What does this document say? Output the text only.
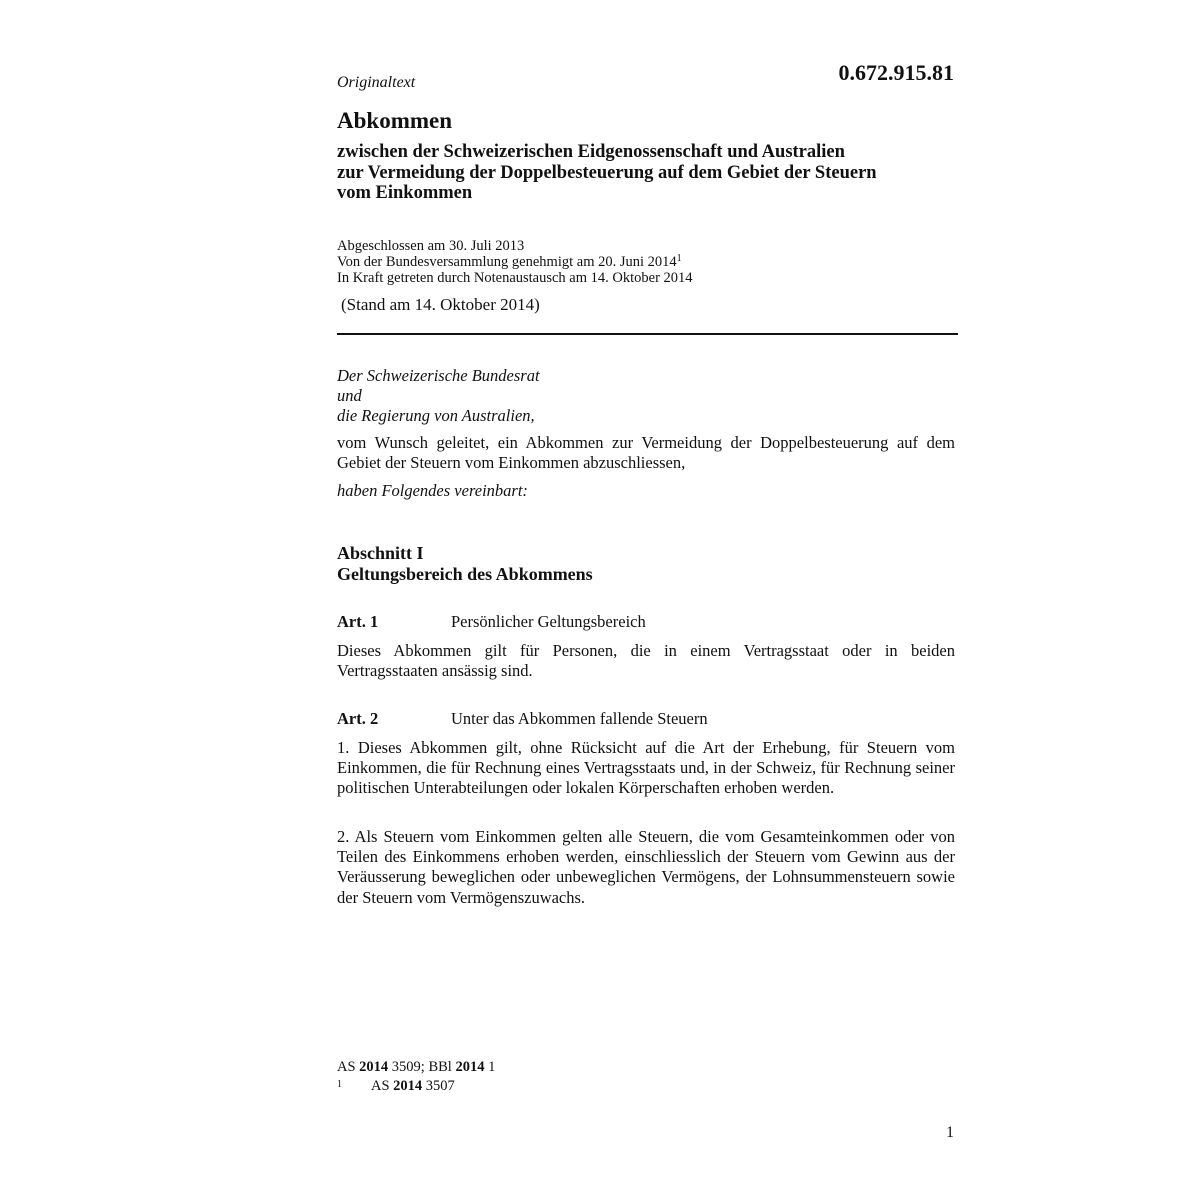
0.672.915.81
Originaltext
Abkommen
zwischen der Schweizerischen Eidgenossenschaft und Australien
zur Vermeidung der Doppelbesteuerung auf dem Gebiet der Steuern
vom Einkommen
Abgeschlossen am 30. Juli 2013
Von der Bundesversammlung genehmigt am 20. Juni 2014$^1$
In Kraft getreten durch Notenaustausch am 14. Oktober 2014
(Stand am 14. Oktober 2014)
Der Schweizerische Bundesrat
und
die Regierung von Australien,
vom Wunsch geleitet, ein Abkommen zur Vermeidung der Doppelbesteuerung auf dem Gebiet der Steuern vom Einkommen abzuschliessen,
haben Folgendes vereinbart:
Abschnitt I
Geltungsbereich des Abkommens
Art. 1	Persönlicher Geltungsbereich
Dieses Abkommen gilt für Personen, die in einem Vertragsstaat oder in beiden Vertragsstaaten ansässig sind.
Art. 2	Unter das Abkommen fallende Steuern
1. Dieses Abkommen gilt, ohne Rücksicht auf die Art der Erhebung, für Steuern vom Einkommen, die für Rechnung eines Vertragsstaats und, in der Schweiz, für Rechnung seiner politischen Unterabteilungen oder lokalen Körperschaften erhoben werden.
2. Als Steuern vom Einkommen gelten alle Steuern, die vom Gesamteinkommen oder von Teilen des Einkommens erhoben werden, einschliesslich der Steuern vom Gewinn aus der Veräusserung beweglichen oder unbeweglichen Vermögens, der Lohnsummensteuern sowie der Steuern vom Vermögenszuwachs.
AS 2014 3509; BBl 2014 1
1 AS 2014 3507
1
